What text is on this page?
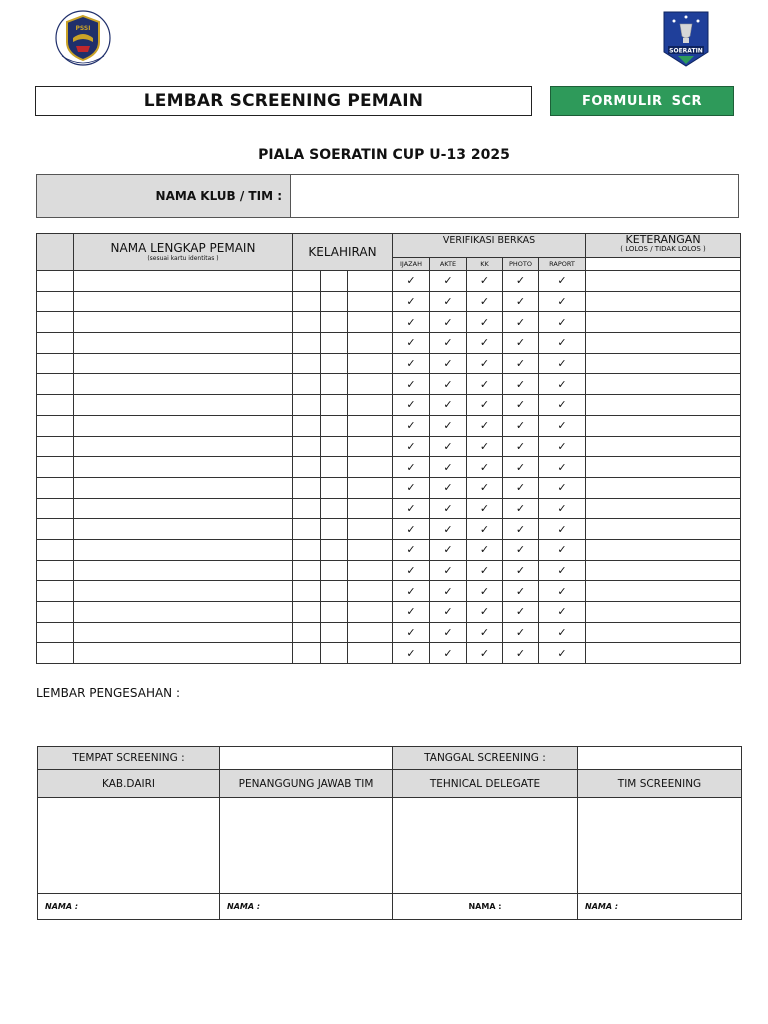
PSSI
SOERATIN
LEMBAR SCREENING PEMAIN	FORMULIR SCR
PIALA SOERATIN CUP U-13 2025
NAMA KLUB / TIM :
	NAMA LENGKAP PEMAIN
(sesuai kartu identitas )	KELAHIRAN			VERIFIKASI BERKAS					KETERANGAN
( LOLOS / TIDAK LOLOS )

					IJAZAH	AKTE	KK	PHOTO	RAPORT	
					✓	✓	✓	✓	✓	
					✓	✓	✓	✓	✓	
					✓	✓	✓	✓	✓	
					✓	✓	✓	✓	✓	
					✓	✓	✓	✓	✓	
					✓	✓	✓	✓	✓	
					✓	✓	✓	✓	✓	
					✓	✓	✓	✓	✓	
					✓	✓	✓	✓	✓	
					✓	✓	✓	✓	✓	
					✓	✓	✓	✓	✓	
					✓	✓	✓	✓	✓	
					✓	✓	✓	✓	✓	
					✓	✓	✓	✓	✓	
					✓	✓	✓	✓	✓	
					✓	✓	✓	✓	✓	
					✓	✓	✓	✓	✓	
					✓	✓	✓	✓	✓	
					✓	✓	✓	✓	✓	
LEMBAR PENGESAHAN :
TEMPAT SCREENING :		TANGGAL SCREENING :	
KAB.DAIRI	PENANGGUNG JAWAB TIM	TEHNICAL DELEGATE	TIM SCREENING

NAMA :	NAMA :	NAMA :	NAMA :
